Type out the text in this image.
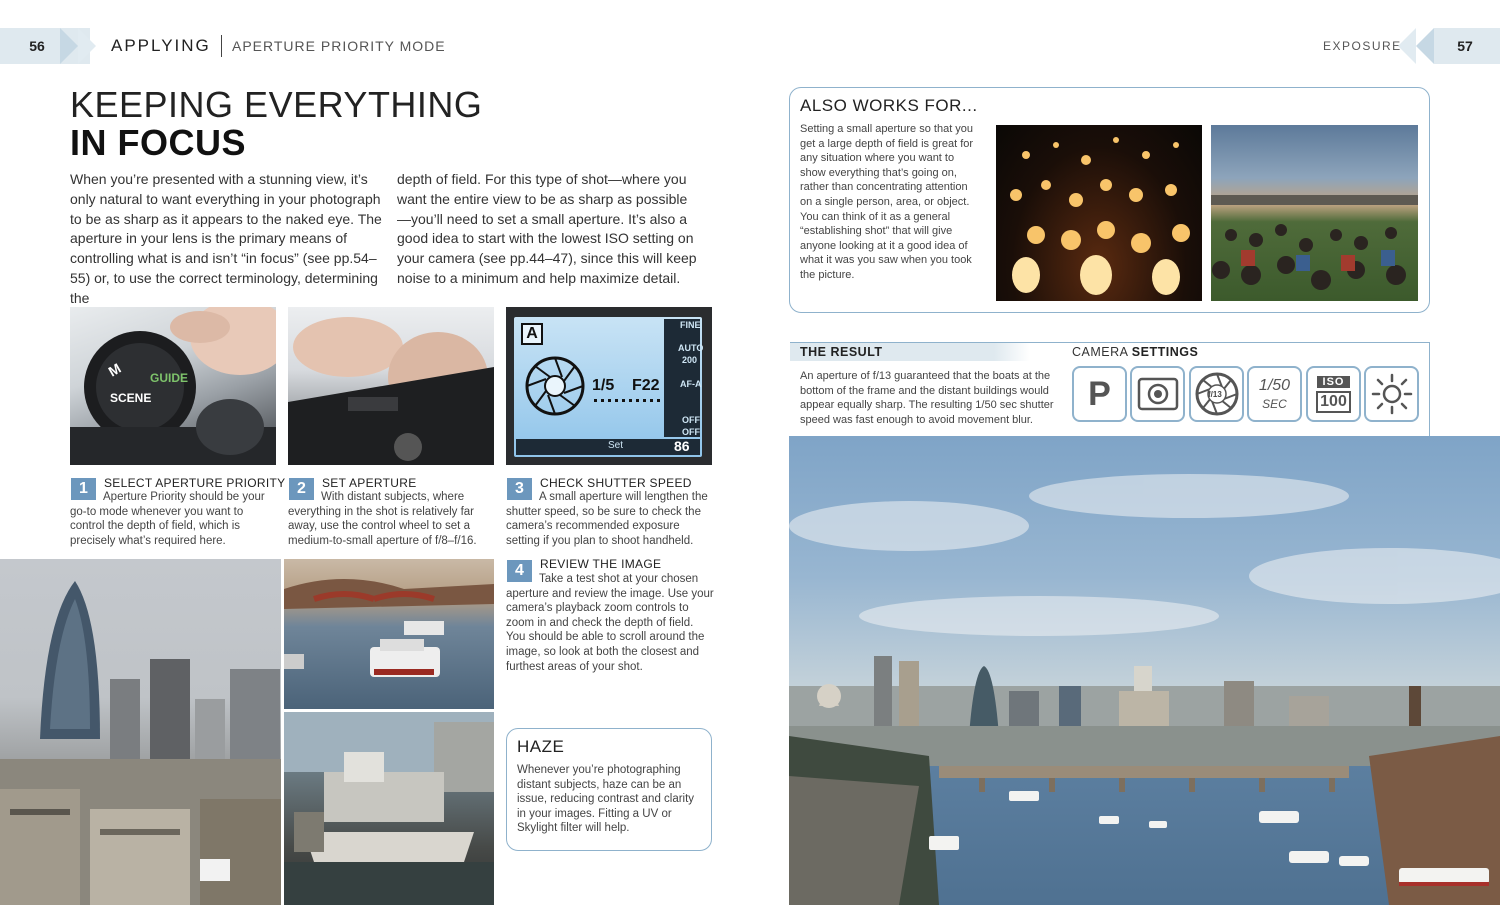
56	APPLYING APERTURE PRIORITY MODE	EXPOSURE	57
KEEPING EVERYTHING
IN FOCUS
When you’re presented with a stunning view, it’s only natural to want everything in your photograph to be as sharp as it appears to the naked eye. The aperture in your lens is the primary means of controlling what is and isn’t “in focus” (see pp.54–55) or, to use the correct terminology, determining the
depth of field. For this type of shot—where you want the entire view to be as sharp as possible—you’ll need to set a small aperture. It’s also a good idea to start with the lowest ISO setting on your camera (see pp.44–47), since this will keep noise to a minimum and help maximize detail.
M
SCENE
GUIDE
A
1/5 F22
FINE
AUTO
200
AF-A
OFF
OFF
Set	86
1	SELECT APERTURE PRIORITY
Aperture Priority should be your go-to mode whenever you want to control the depth of field, which is precisely what’s required here.
2	SET APERTURE
With distant subjects, where everything in the shot is relatively far away, use the control wheel to set a medium-to-small aperture of f/8–f/16.
3	CHECK SHUTTER SPEED
A small aperture will lengthen the shutter speed, so be sure to check the camera’s recommended exposure setting if you plan to shoot handheld.
4	REVIEW THE IMAGE
Take a test shot at your chosen aperture and review the image. Use your camera’s playback zoom controls to zoom in and check the depth of field. You should be able to scroll around the image, so look at both the closest and furthest areas of your shot.
HAZE
Whenever you’re photographing distant subjects, haze can be an issue, reducing contrast and clarity in your images. Fitting a UV or Skylight filter will help.
ALSO WORKS FOR...
Setting a small aperture so that you get a large depth of field is great for any situation where you want to show everything that’s going on, rather than concentrating attention on a single person, area, or object. You can think of it as a general “establishing shot” that will give anyone looking at it a good idea of what it was you saw when you took the picture.
THE RESULT
An aperture of f/13 guaranteed that the boats at the bottom of the frame and the distant buildings would appear equally sharp. The resulting 1/50 sec shutter speed was fast enough to avoid movement blur.
CAMERA SETTINGS
P	f/13
1/50
SEC
ISO
100
